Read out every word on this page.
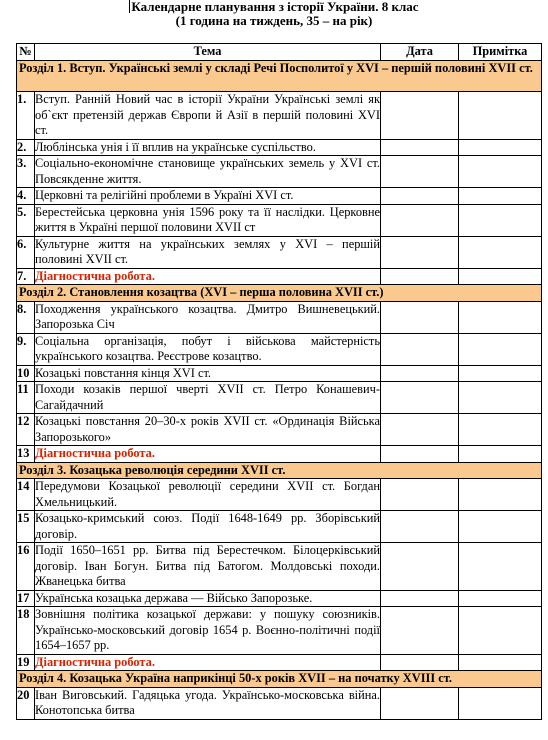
Календарне планування з історії України. 8 клас
(1 година на тиждень, 35 – на рік)
№	Тема	Дата	Примітка
Розділ 1. Вступ. Українські землі у складі Речі Посполитої у XVI – першій половині XVII ст.			
1.	Вступ. Ранній Новий час в історії України Українські землі як об`єкт претензій держав Європи й Азії в першій половині XVI ст.		
2.	Люблінська унія і її вплив на українське суспільство.		
3.	Соціально-економічне становище українських земель у XVI ст. Повсякденне життя.		
4.	Церковні та релігійні проблеми в Україні XVI ст.		
5.	Берестейська церковна унія 1596 року та її наслідки. Церковне життя в Україні першої половини XVII ст		
6.	Культурне життя на українських землях у XVI – першій половині XVII ст.		
7.	Діагностична робота.		
Розділ 2. Становлення козацтва (XVI – перша половина XVII ст.)			
8.	Походження українського козацтва. Дмитро Вишневецький. Запорозька Січ		
9.	Соціальна організація, побут і військова майстерність українського козацтва. Реєстрове козацтво.		
10	Козацькі повстання кінця XVI ст.		
11	Походи козаків першої чверті XVII ст. Петро Конашевич-Сагайдачний		
12	Козацькі повстання 20–30-х років XVII ст. «Ординація Війська Запорозького»		
13	Діагностична робота.		
Розділ 3. Козацька революція середини XVII ст.			
14	Передумови Козацької революції середини XVII ст. Богдан Хмельницький.		
15	Козацько-кримський союз. Події 1648-1649 рр. Зборівський договір.		
16	Події 1650–1651 рр. Битва під Берестечком. Білоцерківський договір. Іван Богун. Битва під Батогом. Молдовські походи. Жванецька битва		
17	Українська козацька держава — Військо Запорозьке.		
18	Зовнішня політика козацької держави: у пошуку союзників. Українсько-московський договір 1654 р. Воєнно-політичні події 1654–1657 рр.		
19	Діагностична робота.		
Розділ 4. Козацька Україна наприкінці 50-х років XVII – на початку XVIII ст.			
20	Іван Виговський. Гадяцька угода. Українсько-московська війна. Конотопська битва		
